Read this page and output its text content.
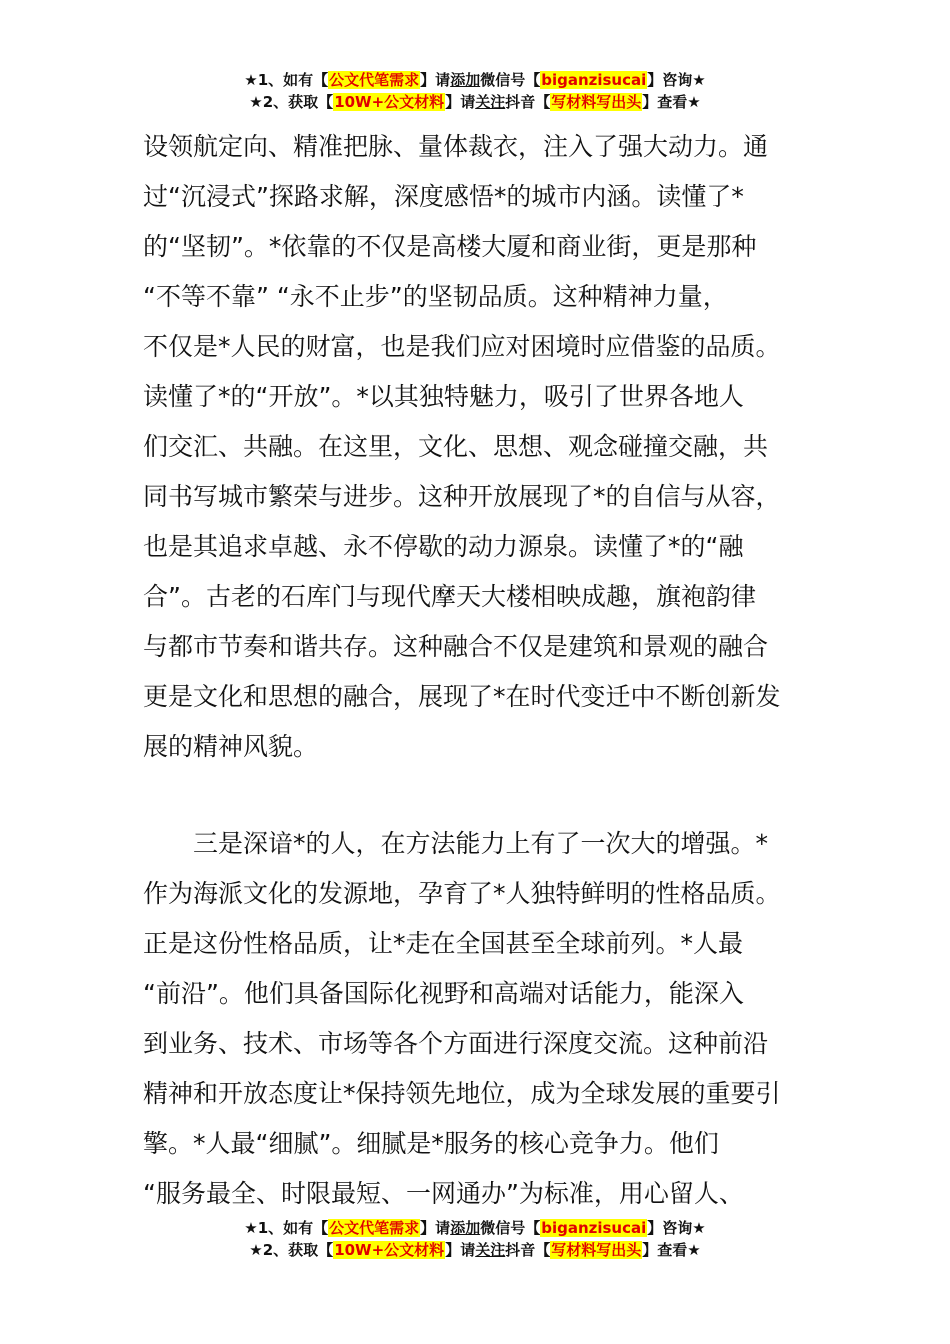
★1、如有【公文代笔需求】请添加微信号【biganzisucai】咨询★
★2、获取【10W+公文材料】请关注抖音【写材料写出头】查看★
设领航定向、精准把脉、量体裁衣，注入了强大动力。通
过“沉浸式”探路求解，深度感悟*的城市内涵。读懂了*
的“坚韧”。*依靠的不仅是高楼大厦和商业街，更是那种
“不等不靠” “永不止步”的坚韧品质。这种精神力量，
不仅是*人民的财富，也是我们应对困境时应借鉴的品质。
读懂了*的“开放”。*以其独特魅力，吸引了世界各地人
们交汇、共融。在这里，文化、思想、观念碰撞交融，共
同书写城市繁荣与进步。这种开放展现了*的自信与从容，
也是其追求卓越、永不停歇的动力源泉。读懂了*的“融
合”。古老的石库门与现代摩天大楼相映成趣，旗袍韵律
与都市节奏和谐共存。这种融合不仅是建筑和景观的融合
更是文化和思想的融合，展现了*在时代变迁中不断创新发
展的精神风貌。
　　三是深谙*的人，在方法能力上有了一次大的增强。*
作为海派文化的发源地，孕育了*人独特鲜明的性格品质。
正是这份性格品质，让*走在全国甚至全球前列。*人最
“前沿”。他们具备国际化视野和高端对话能力，能深入
到业务、技术、市场等各个方面进行深度交流。这种前沿
精神和开放态度让*保持领先地位，成为全球发展的重要引
擎。*人最“细腻”。细腻是*服务的核心竞争力。他们
“服务最全、时限最短、一网通办”为标准，用心留人、
★1、如有【公文代笔需求】请添加微信号【biganzisucai】咨询★
★2、获取【10W+公文材料】请关注抖音【写材料写出头】查看★
